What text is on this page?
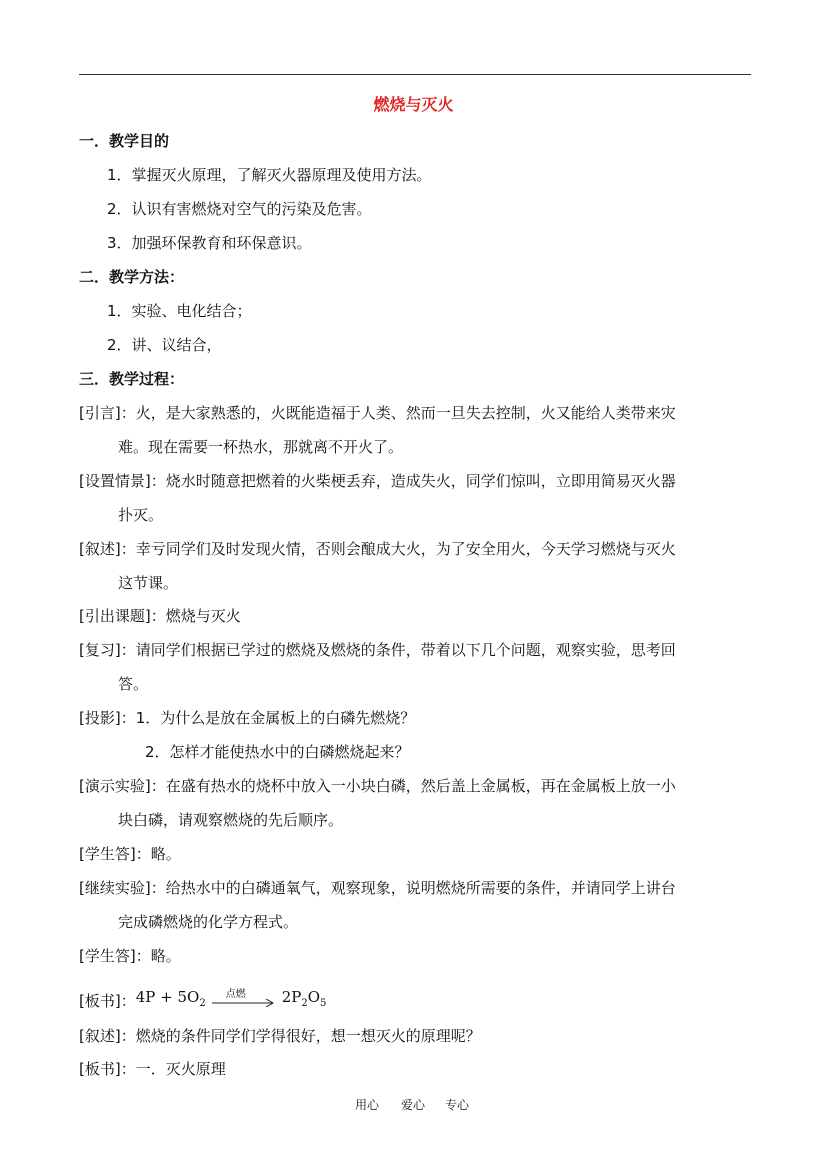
燃烧与灭火
一．教学目的
1．掌握灭火原理，了解灭火器原理及使用方法。
2．认识有害燃烧对空气的污染及危害。
3．加强环保教育和环保意识。
二．教学方法：
1．实验、电化结合；
2．讲、议结合，
三．教学过程：
[引言]：火，是大家熟悉的，火既能造福于人类、然而一旦失去控制，火又能给人类带来灾
难。现在需要一杯热水，那就离不开火了。
[设置情景]：烧水时随意把燃着的火柴梗丢弃，造成失火，同学们惊叫，立即用简易灭火器
扑灭。
[叙述]：幸亏同学们及时发现火情，否则会酿成大火，为了安全用火，今天学习燃烧与灭火
这节课。
[引出课题]：燃烧与灭火
[复习]：请同学们根据已学过的燃烧及燃烧的条件，带着以下几个问题，观察实验，思考回
答。
[投影]：1．为什么是放在金属板上的白磷先燃烧？
2．怎样才能使热水中的白磷燃烧起来？
[演示实验]：在盛有热水的烧杯中放入一小块白磷，然后盖上金属板，再在金属板上放一小
块白磷，请观察燃烧的先后顺序。
[学生答]：略。
[继续实验]：给热水中的白磷通氧气，观察现象，说明燃烧所需要的条件，并请同学上讲台
完成磷燃烧的化学方程式。
[学生答]：略。
[板书]： $4P + 5O_2$
点燃 $2P_2O_5$
[叙述]：燃烧的条件同学们学得很好，想一想灭火的原理呢？
[板书]：一．灭火原理
用心 爱心 专心
